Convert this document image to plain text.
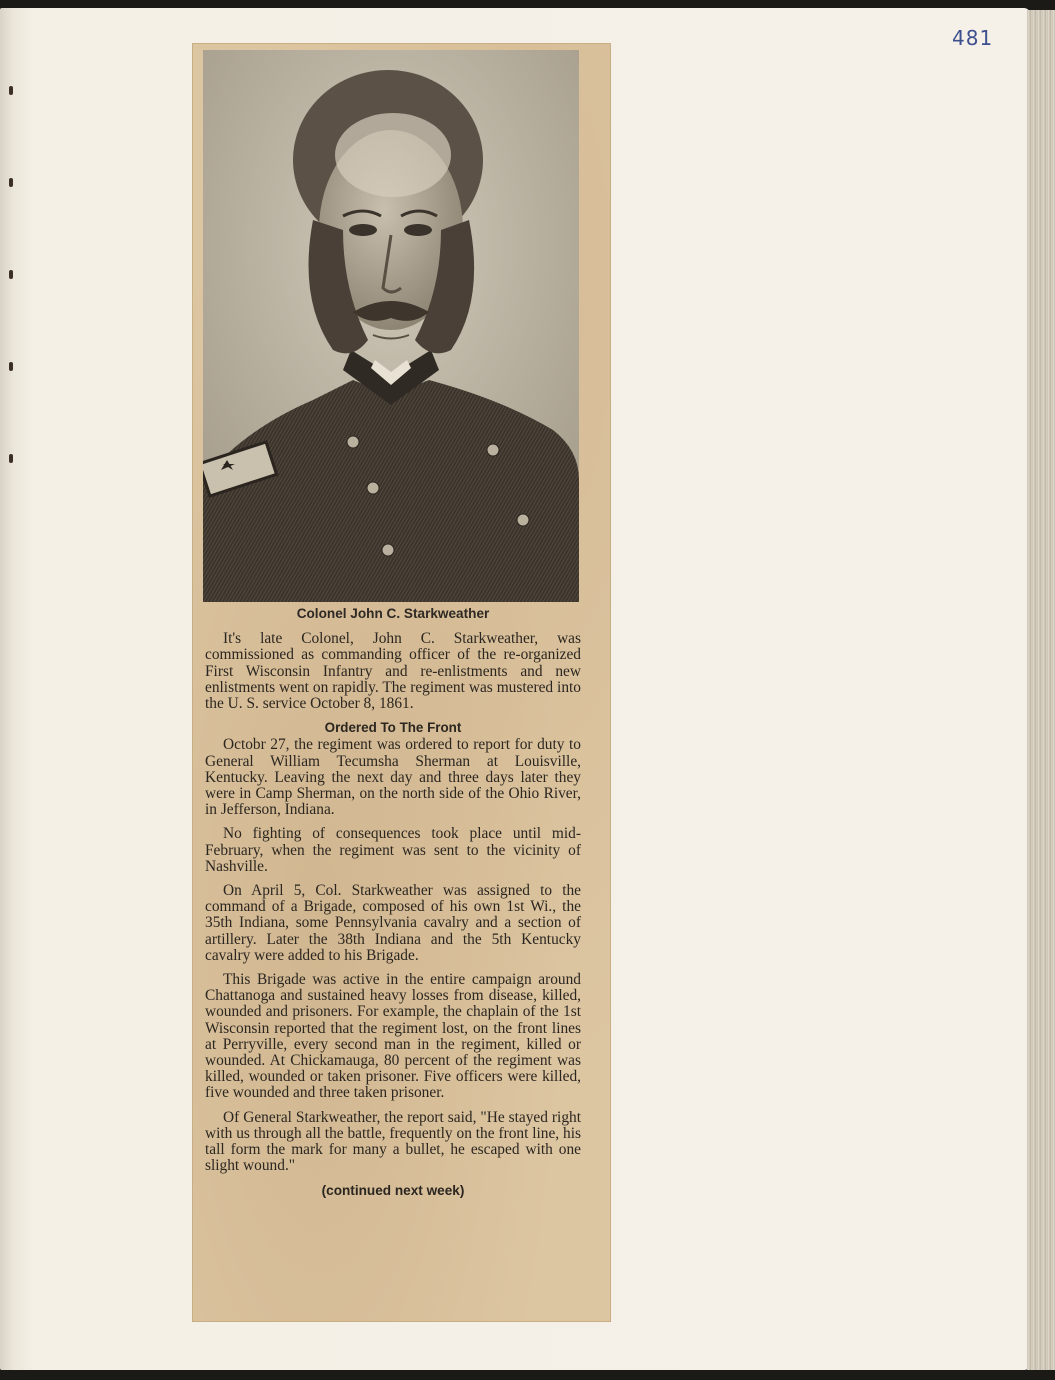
481
Colonel John C. Starkweather

It's late Colonel, John C. Starkweather, was commissioned as commanding officer of the re-organized First Wisconsin Infantry and re-enlistments and new enlistments went on rapidly. The regiment was mustered into the U. S. service October 8, 1861.

Ordered To The Front

Octobr 27, the regiment was ordered to report for duty to General William Tecumsha Sherman at Louisville, Kentucky. Leaving the next day and three days later they were in Camp Sherman, on the north side of the Ohio River, in Jefferson, Indiana.

No fighting of consequences took place until mid-February, when the regiment was sent to the vicinity of Nashville.

On April 5, Col. Starkweather was assigned to the command of a Brigade, composed of his own 1st Wi., the 35th Indiana, some Pennsylvania cavalry and a section of artillery. Later the 38th Indiana and the 5th Kentucky cavalry were added to his Brigade.

This Brigade was active in the entire campaign around Chattanoga and sustained heavy losses from disease, killed, wounded and prisoners. For example, the chaplain of the 1st Wisconsin reported that the regiment lost, on the front lines at Perryville, every second man in the regiment, killed or wounded. At Chickamauga, 80 percent of the regiment was killed, wounded or taken prisoner. Five officers were killed, five wounded and three taken prisoner.

Of General Starkweather, the report said, "He stayed right with us through all the battle, frequently on the front line, his tall form the mark for many a bullet, he escaped with one slight wound."

(continued next week)
